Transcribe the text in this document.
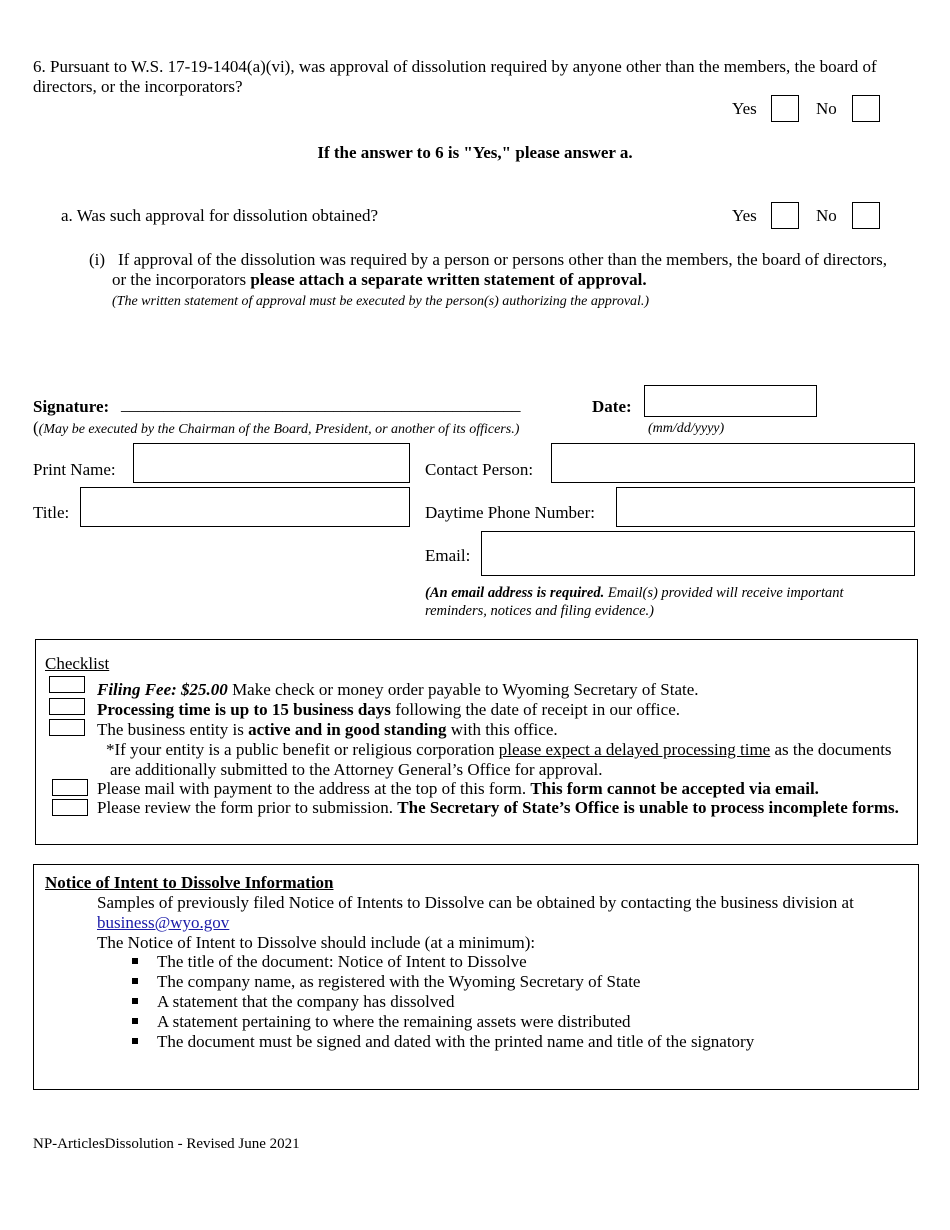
6. Pursuant to W.S. 17-19-1404(a)(vi), was approval of dissolution required by anyone other than the members, the board of directors, or the incorporators?
Yes	No
If the answer to 6 is "Yes," please answer a.
a. Was such approval for dissolution obtained?	Yes	No
(i) If approval of the dissolution was required by a person or persons other than the members, the board of directors, or the incorporators please attach a separate written statement of approval.
(The written statement of approval must be executed by the person(s) authorizing the approval.)
Signature: _______________________________________________
((May be executed by the Chairman of the Board, President, or another of its officers.)
Date:
(mm/dd/yyyy)
Print Name:
Title:
Contact Person:
Daytime Phone Number:
Email:
(An email address is required. Email(s) provided will receive important reminders, notices and filing evidence.)
Checklist
Filing Fee: $25.00 Make check or money order payable to Wyoming Secretary of State.
Processing time is up to 15 business days following the date of receipt in our office.
The business entity is active and in good standing with this office.
*If your entity is a public benefit or religious corporation please expect a delayed processing time as the documents are additionally submitted to the Attorney General’s Office for approval.
Please mail with payment to the address at the top of this form. This form cannot be accepted via email.
Please review the form prior to submission. The Secretary of State’s Office is unable to process incomplete forms.
Notice of Intent to Dissolve Information
Samples of previously filed Notice of Intents to Dissolve can be obtained by contacting the business division at business@wyo.gov
The Notice of Intent to Dissolve should include (at a minimum):
The title of the document: Notice of Intent to Dissolve
The company name, as registered with the Wyoming Secretary of State
A statement that the company has dissolved
A statement pertaining to where the remaining assets were distributed
The document must be signed and dated with the printed name and title of the signatory
NP-ArticlesDissolution - Revised June 2021
